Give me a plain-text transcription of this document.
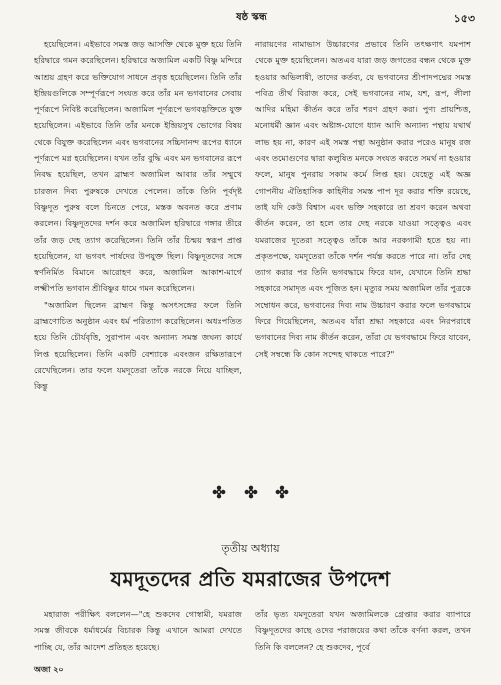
ষষ্ঠ স্কন্ধ	১৫৩

হয়েছিলেন। এইভাবে সমস্ত জড় আসক্তি থেকে মুক্ত হয়ে তিনি হরিদ্বারে গমন করেছিলেন। হরিদ্বারে অজামিল একটি বিষ্ণু মন্দিরে আশ্রয় গ্রহণ করে ভক্তিযোগ সাধনে প্রবৃত্ত হয়েছিলেন। তিনি তাঁর ইন্দ্রিয়গুলিকে সম্পূর্ণরূপে সংযত করে তাঁর মন ভগবানের সেবায় পূর্ণরূপে নিবিষ্ট করেছিলেন। অজামিল পূর্ণরূপে ভগবদ্ভক্তিতে যুক্ত হয়েছিলেন। এইভাবে তিনি তাঁর মনকে ইন্দ্রিয়সুখ ভোগের বিষয় থেকে বিযুক্ত করেছিলেন এবং ভগবানের সচ্চিদানন্দ রূপের ধ্যানে পূর্ণরূপে মগ্ন হয়েছিলেন। যখন তাঁর বুদ্ধি এবং মন ভগবানের রূপে নিবদ্ধ হয়েছিল, তখন ব্রাহ্মণ অজামিল আবার তাঁর সম্মুখে চারজন দিব্য পুরুষকে দেখতে পেলেন। তাঁকে তিনি পূর্বদৃষ্ট বিষ্ণুদূত পুরুষ বলে চিনতে পেরে, মস্তক অবনত করে প্রণাম করলেন। বিষ্ণুদূতদের দর্শন করে অজামিল হরিদ্বারে গঙ্গার তীরে তাঁর জড় দেহ ত্যাগ করেছিলেন। তিনি তাঁর চিন্ময় স্বরূপ প্রাপ্ত হয়েছিলেন, যা ভগবৎ পার্ষদের উপযুক্ত ছিল। বিষ্ণুদূতদের সঙ্গে স্বর্ণনির্মিত বিমানে আরোহণ করে, অজামিল আকাশ-মার্গে লক্ষ্মীপতি ভগবান শ্রীবিষ্ণুর ধামে গমন করেছিলেন।

"অজামিল ছিলেন ব্রাহ্মণ কিন্তু অসৎসঙ্গের ফলে তিনি ব্রাহ্মণোচিত অনুষ্ঠান এবং ধর্ম পরিত্যাগ করেছিলেন। অধঃপতিত হয়ে তিনি চৌর্যবৃত্তি, সুরাপান এবং অন্যান্য সমস্ত জঘন্য কার্যে লিপ্ত হয়েছিলেন। তিনি একটি বেশ্যাকে এবংজন রক্ষিতারূপে রেখেছিলেন। তার ফলে যমদূতেরা তাঁকে নরকে নিয়ে যাচ্ছিল, কিন্তু

নারায়ণের নামাভাস উচ্চারণের প্রভাবে তিনি তৎক্ষণাৎ যমপাশ থেকে মুক্ত হয়েছিলেন। অতএব যারা জড় জগতের বন্ধন থেকে মুক্ত হওয়ার অভিলাষী, তাদের কর্তব্য, যে ভগবানের শ্রীপাদপদ্মের সমস্ত পবিত্র তীর্থ বিরাজ করে, সেই ভগবানের নাম, যশ, রূপ, লীলা আদির মহিমা কীর্তন করে তাঁর শরণ গ্রহণ করা। পুণ্য প্রায়শ্চিত্ত, মনোধর্মী জ্ঞান এবং অষ্টাঙ্গ-যোগে ধ্যান আদি অন্যান্য পন্থায় যথার্থ লাভ হয় না, কারণ এই সমস্ত পন্থা অনুষ্ঠান করার পরেও মানুষ রজ এবং তমোগুণের দ্বারা কলুষিত মনকে সংযত করতে সমর্থ না হওয়ার ফলে, মানুষ পুনরায় সকাম কর্মে লিপ্ত হয়। যেহেতু এই অজ্ঞ গোপনীয় ঐতিহাসিক কাহিনীর সমস্ত পাপ দূর করার শক্তি রয়েছে, তাই যদি কেউ বিশ্বাস এবং ভক্তি সহকারে তা শ্রবণ করেন অথবা কীর্তন করেন, তা হলে তার দেহ নরকে যাওয়া সত্ত্বেও এবং যমরাজের দূতেরা সত্ত্বেও তাঁকে আর নরকগামী হতে হয় না। প্রকৃতপক্ষে, যমদূতেরা তাঁকে দর্শন পর্যন্ত করতে পারে না। তাঁর দেহ ত্যাগ করার পর তিনি ভগবদ্ধামে ফিরে যান, যেখানে তিনি শ্রদ্ধা সহকারে সমাদৃত এবং পূজিত হন। মৃত্যুর সময় অজামিল তাঁর পুত্রকে সম্বোধন করে, ভগবানের দিব্য নাম উচ্চারণ করার ফলে ভগবদ্ধামে ফিরে গিয়েছিলেন, অতএব যাঁরা শ্রদ্ধা সহকারে এবং নিরপরাধে ভগবানের দিব্য নাম কীর্তন করেন, তাঁরা যে ভগবদ্ধামে ফিরে যাবেন, সেই সম্বন্ধে কি কোন সন্দেহ থাকতে পারে?"

তৃতীয় অধ্যায়
যমদূতদের প্রতি যমরাজের উপদেশ

মহারাজ পরীক্ষিৎ বললেন—"হে শুকদেব গোস্বামী, যমরাজ সমস্ত জীবকে ধর্মাধর্মের বিচারক কিন্তু এখানে আমরা দেখতে পাচ্ছি যে, তাঁর আদেশ প্রতিহত হয়েছে।

তাঁর ভৃত্য যমদূতেরা যখন অজামিলকে গ্রেপ্তার করার ব্যাপারে বিষ্ণুদূতদের কাছে ওদের পরাজয়ের কথা তাঁকে বর্ণনা করল, তখন তিনি কি বললেন? হে শুকদেব, পূর্বে

অজা ২০
